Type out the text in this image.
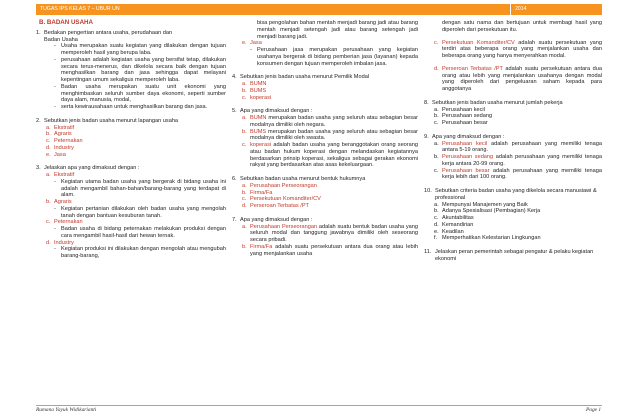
TUGAS IPS KELAS 7 – UBUR UN	2014
B. BADAN USAHA
1. Bedakan pengertian antara usaha, perudahaan dan
Badan Usaha
- Usaha merupakan suatu kegiatan yang dilakukan dengan tujuan memperoleh hasil yang berupa laba.
- perusahaan adalah kegiatan usaha yang bersifat tetap, dilakukan secara terus-menerus, dan dikelola secara baik dengan tujuan menghasilkan barang dan jasa sehingga dapat melayani kepentingan umum sekaligus memperoleh laba.
- Badan usaha merupakan suatu unit ekonomi yang menghimbaskan seluruh sumber daya ekonomi, seperti sumber daya alam, manusia, modal,
- serta kewirausahaan untuk menghasilkan barang dan jasa.
2. Sebutkan jenis badan usaha menurut lapangan usaha
a. Ekstratif
b. Agraris
c. Peternakan
d. Industry
e. Jasa
3. Jelaskan apa yang dimaksud dengan :
a. Ekstratif
- Kegiatan utama badan usaha yang bergerak di bidang usaha ini adalah mengambil bahan-bahan/barang-barang yang terdapat di alam.
b. Agraris
- Kegiatan pertanian dilakukan oleh badan usaha yang mengolah tanah dengan bantuan kesuburan tanah.
c. Peternakan
- Badan usaha di bidang peternakan melakukan produksi dengan cara mengambil hasil-hasil dari hewan ternak.
d. Industry
- Kegiatan produksi ini dilakukan dengan mengolah atau mengubah barang-barang,
bisa pengolahan bahan mentah menjadi barang jadi atau barang mentah menjadi setengah jadi atau barang setengah jadi menjadi barang jadi.
e. Jasa
- Perusahaan jasa merupakan perusahaan yang kegiatan usahanya bergerak di bidang pemberian jasa (layanan) kepada konsumen dengan tujuan memperoleh imbalan jasa.
4. Sebutkan jenis badan usaha menurut Pemilik Modal
a. BUMN
b. BUMS
c. koperasi
5. Apa yang dimaksud dengan :
a. BUMN merupakan badan usaha yang seluruh atau sebagian besar modalnya dimiliki oleh negara.
b. BUMS merupakan badan usaha yang seluruh atau sebagian besar modalnya dimiliki oleh swasta.
c. koperasi adalah badan usaha yang beranggotakan orang seorang atau badan hukum koperasi dengan melandaskan kegiatannya berdasarkan prinsip koperasi, sekaligus sebagai gerakan ekonomi rakyat yang berdasarkan atas asas kekeluargaan.
6. Sebutkan badan usaha menurut bentuk hukumnya
a. Perusahaan Perseorangan
b. Firma/Fa
c. Persekutuan Komanditer/CV
d. Perseroan Terbatas /PT
7. Apa yang dimaksud dengan :
a. Perusahaan Perseorangan adalah suatu bentuk badan usaha yang seluruh modal dan tanggung jawabnya dimiliki oleh seseorang secara pribadi.
b. Firma/Fa adalah suatu persekutuan antara dua orang atau lebih yang menjalankan usaha
dengan satu nama dan bertujuan untuk membagi hasil yang diperoleh dari persekutuan itu.
c. Persekutuan Komanditer/CV adalah suatu persekutuan yang terdiri atas beberapa orang yang menjalankan usaha dan beberapa orang yang hanya menyerahkan modal.
d. Perseroan Terbatas /PT adalah suatu persekutuan antara dua orang atau lebih yang menjalankan usahanya dengan modal yang diperoleh dari pengeluaran saham kepada para anggotanya
8. Sebutkan jenis badan usaha menurut jumlah pekerja
a. Perusahaan kecil
b. Perusahaan sedang
c. Perusahaan besar
9. Apa yang dimaksud dengan :
a. Perusahaan kecil adalah perusahaan yang memiliki tenaga antara 5-19 orang.
b. Perusahaan sedang adalah perusahaan yang memiliki tenaga kerja antara 20-99 orang.
c. Perusahaan besar adalah perusahaan yang memiliki tenaga kerja lebih dari 100 orang.
10. Sebutkan criteria badan usaha yang dikelola secara manusiawi & professional
a. Mempunyai Manajemen yang Baik
b. Adanya Spesialisasi (Pembagian) Kerja
c. Akuntabilitas
d. Kemandirian
e. Keadilan
f. Memperhatikan Kelestarian Lingkungan
11. Jelaskan peran pemerintah sebagai pengatur & pelaku kegiatan ekonomi
Rumana Yayuk Widikarianti	Page 1
